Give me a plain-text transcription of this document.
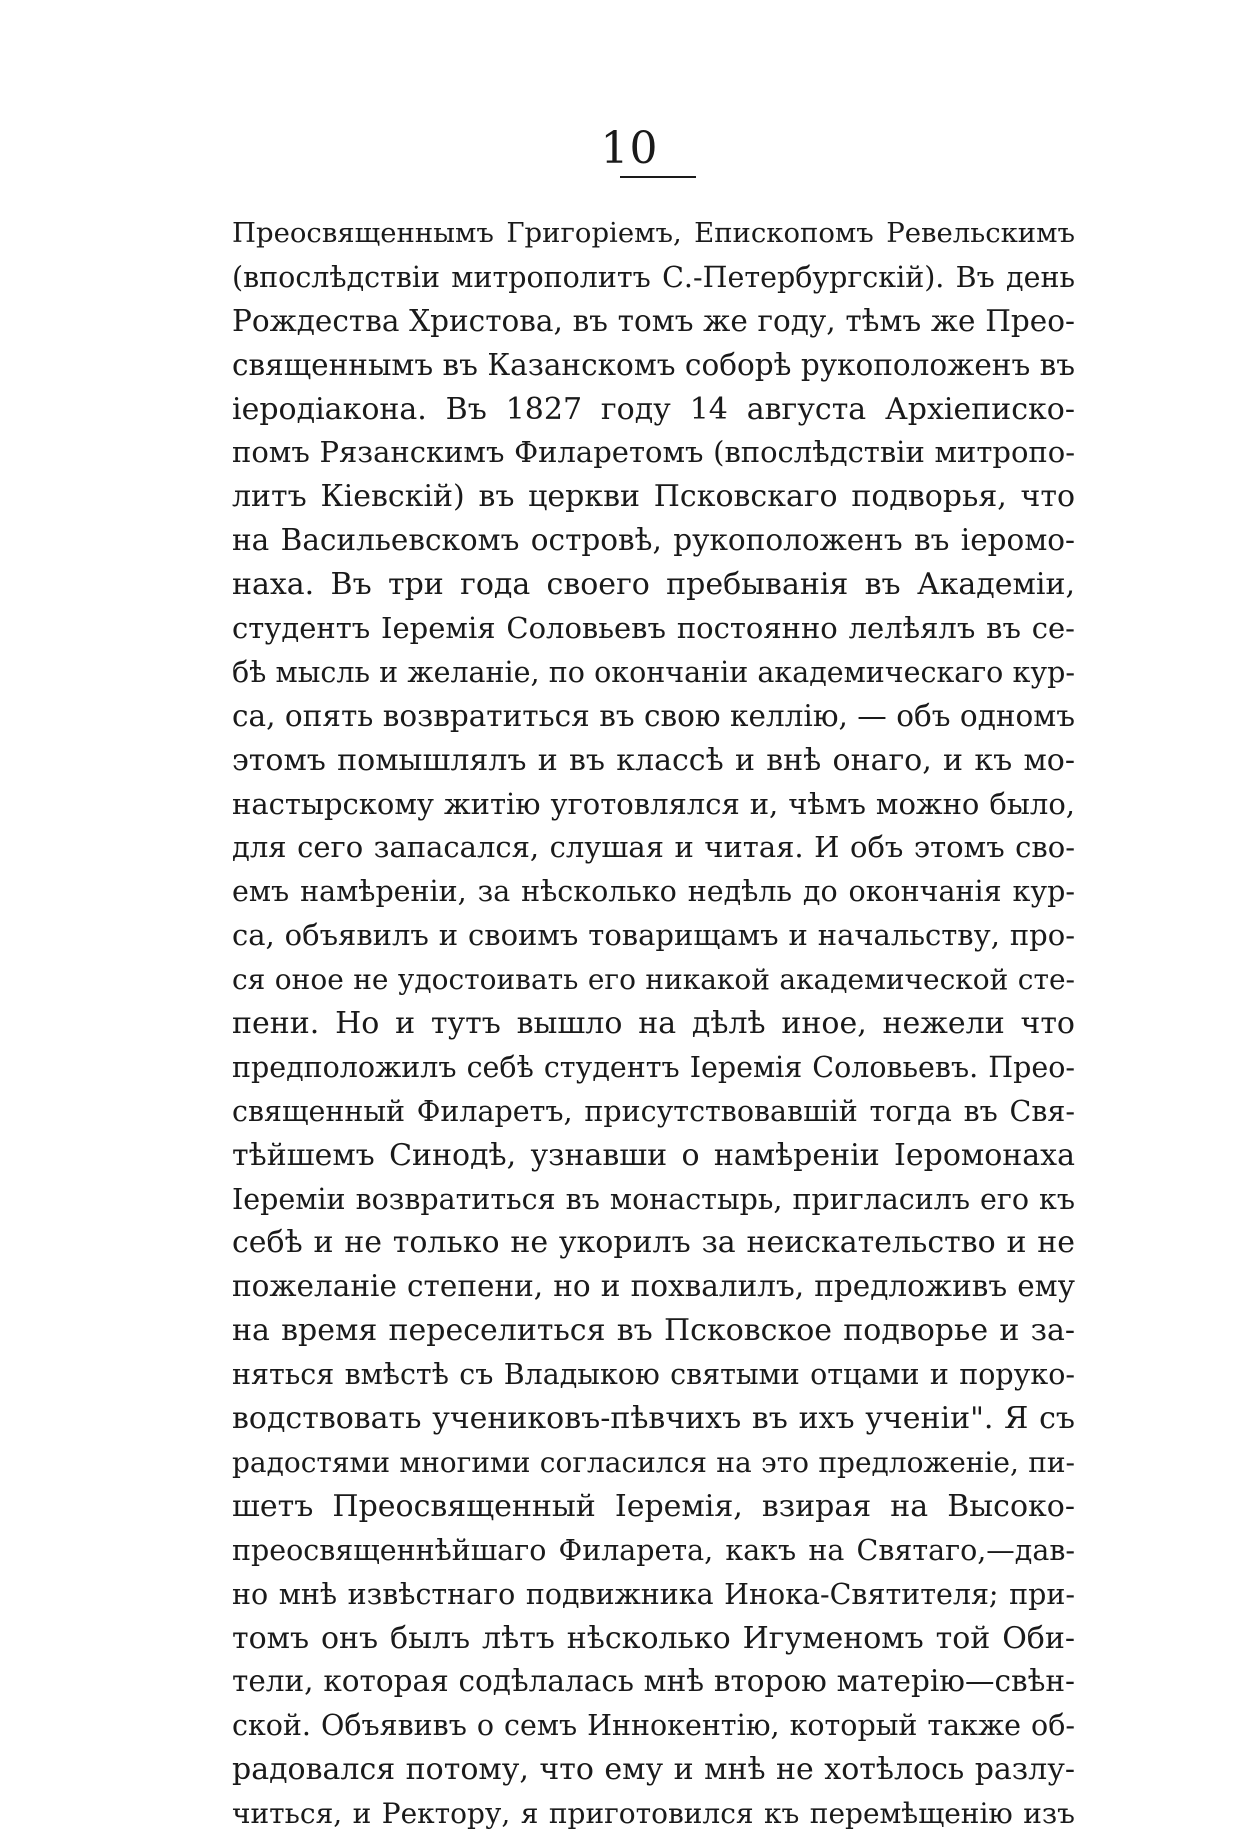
10
Преосвященнымъ Григоріемъ, Епископомъ Ревельскимъ
(впослѣдствіи митрополитъ С.-Петербургскій). Въ день
Рождества Христова, въ томъ же году, тѣмъ же Прео-
священнымъ въ Казанскомъ соборѣ рукоположенъ въ
іеродіакона. Въ 1827 году 14 августа Архіеписко-
помъ Рязанскимъ Филаретомъ (впослѣдствіи митропо-
литъ Кіевскій) въ церкви Псковскаго подворья, что
на Васильевскомъ островѣ, рукоположенъ въ іеромо-
наха. Въ три года своего пребыванія въ Академіи,
студентъ Іеремія Соловьевъ постоянно лелѣялъ въ се-
бѣ мысль и желаніе, по окончаніи академическаго кур-
са, опять возвратиться въ свою келлію, — объ одномъ
этомъ помышлялъ и въ классѣ и внѣ онаго, и къ мо-
настырскому житію уготовлялся и, чѣмъ можно было,
для сего запасался, слушая и читая. И объ этомъ сво-
емъ намѣреніи, за нѣсколько недѣль до окончанія кур-
са, объявилъ и своимъ товарищамъ и начальству, про-
ся оное не удостоивать его никакой академической сте-
пени. Но и тутъ вышло на дѣлѣ иное, нежели что
предположилъ себѣ студентъ Іеремія Соловьевъ. Прео-
священный Филаретъ, присутствовавшій тогда въ Свя-
тѣйшемъ Синодѣ, узнавши о намѣреніи Іеромонаха
Іереміи возвратиться въ монастырь, пригласилъ его къ
себѣ и не только не укорилъ за неискательство и не
пожеланіе степени, но и похвалилъ, предложивъ ему
на время переселиться въ Псковское подворье и за-
няться вмѣстѣ съ Владыкою святыми отцами и поруко-
водствовать учениковъ-пѣвчихъ въ ихъ ученіи". Я съ
радостями многими согласился на это предложеніе, пи-
шетъ Преосвященный Іеремія, взирая на Высоко-
преосвященнѣйшаго Филарета, какъ на Святаго,—дав-
но мнѣ извѣстнаго подвижника Инока-Святителя; при-
томъ онъ былъ лѣтъ нѣсколько Игуменомъ той Оби-
тели, которая содѣлалась мнѣ второю матерію—свѣн-
ской. Объявивъ о семъ Иннокентію, который также об-
радовался потому, что ему и мнѣ не хотѣлось разлу-
читься, и Ректору, я приготовился къ перемѣщенію изъ
